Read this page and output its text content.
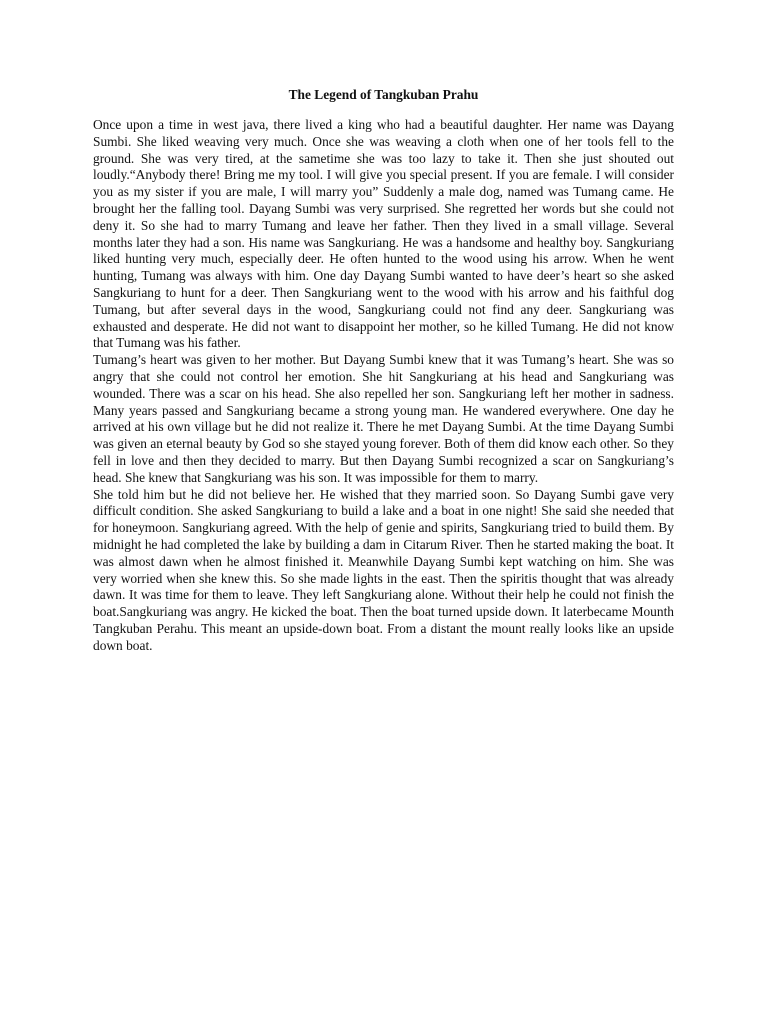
The Legend of Tangkuban Prahu

Once upon a time in west java, there lived a king who had a beautiful daughter. Her name was Dayang Sumbi. She liked weaving very much. Once she was weaving a cloth when one of her tools fell to the ground. She was very tired, at the sametime she was too lazy to take it. Then she just shouted out loudly.“Anybody there! Bring me my tool. I will give you special present. If you are female. I will consider you as my sister if you are male, I will marry you” Suddenly a male dog, named was Tumang came. He brought her the falling tool. Dayang Sumbi was very surprised. She regretted her words but she could not deny it. So she had to marry Tumang and leave her father. Then they lived in a small village. Several months later they had a son. His name was Sangkuriang. He was a handsome and healthy boy. Sangkuriang liked hunting very much, especially deer. He often hunted to the wood using his arrow. When he went hunting, Tumang was always with him. One day Dayang Sumbi wanted to have deer’s heart so she asked Sangkuriang to hunt for a deer. Then Sangkuriang went to the wood with his arrow and his faithful dog Tumang, but after several days in the wood, Sangkuriang could not find any deer. Sangkuriang was exhausted and desperate. He did not want to disappoint her mother, so he killed Tumang. He did not know that Tumang was his father.

Tumang’s heart was given to her mother. But Dayang Sumbi knew that it was Tumang’s heart. She was so angry that she could not control her emotion. She hit Sangkuriang at his head and Sangkuriang was wounded. There was a scar on his head. She also repelled her son. Sangkuriang left her mother in sadness. Many years passed and Sangkuriang became a strong young man. He wandered everywhere. One day he arrived at his own village but he did not realize it. There he met Dayang Sumbi. At the time Dayang Sumbi was given an eternal beauty by God so she stayed young forever. Both of them did know each other. So they fell in love and then they decided to marry. But then Dayang Sumbi recognized a scar on Sangkuriang’s head. She knew that Sangkuriang was his son. It was impossible for them to marry.

She told him but he did not believe her. He wished that they married soon. So Dayang Sumbi gave very difficult condition. She asked Sangkuriang to build a lake and a boat in one night! She said she needed that for honeymoon. Sangkuriang agreed. With the help of genie and spirits, Sangkuriang tried to build them. By midnight he had completed the lake by building a dam in Citarum River. Then he started making the boat. It was almost dawn when he almost finished it. Meanwhile Dayang Sumbi kept watching on him. She was very worried when she knew this. So she made lights in the east. Then the spiritis thought that was already dawn. It was time for them to leave. They left Sangkuriang alone. Without their help he could not finish the boat.Sangkuriang was angry. He kicked the boat. Then the boat turned upside down. It laterbecame Mounth Tangkuban Perahu. This meant an upside-down boat. From a distant the mount really looks like an upside down boat.
